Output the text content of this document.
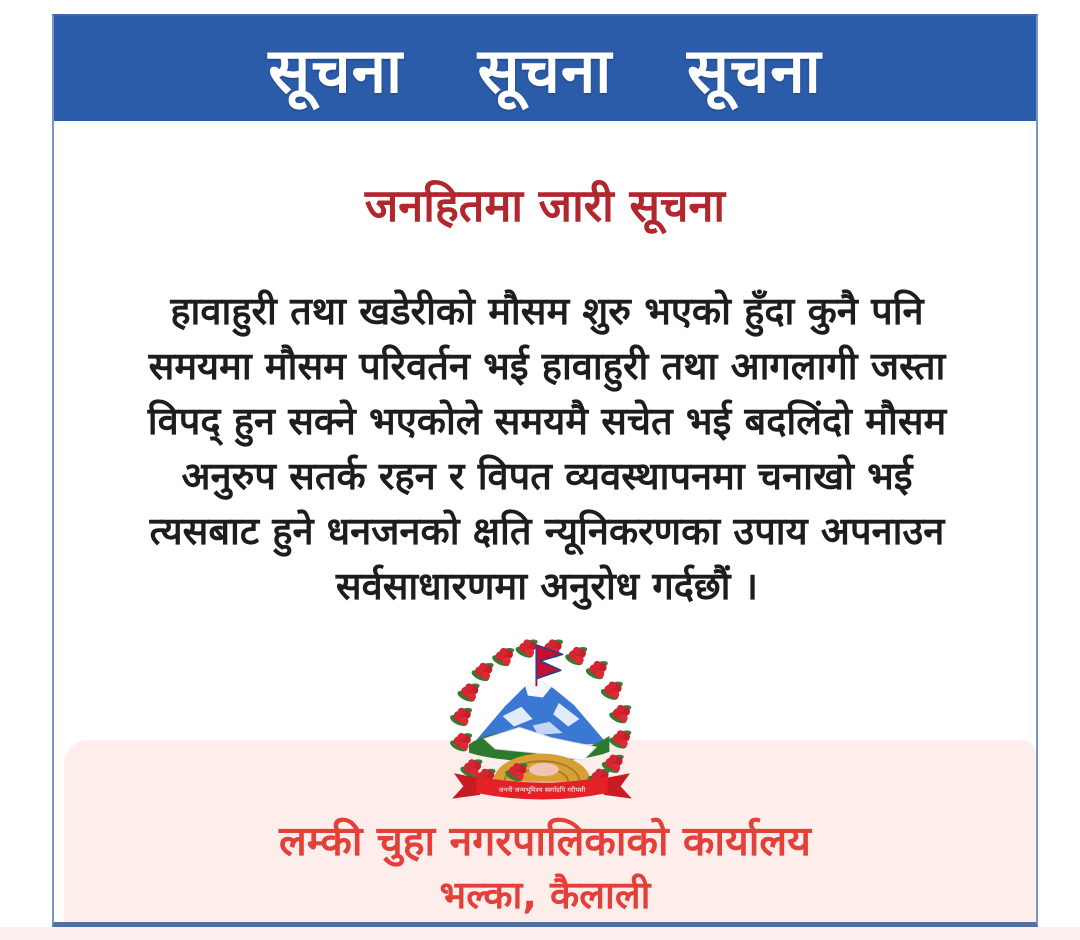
सूचना सूचना सूचना
जनहितमा जारी सूचना
हावाहुरी तथा खडेरीको मौसम शुरु भएको हुँदा कुनै पनि
समयमा मौसम परिवर्तन भई हावाहुरी तथा आगलागी जस्ता
विपद् हुन सक्ने भएकोले समयमै सचेत भई बदलिंदो मौसम
अनुरुप सतर्क रहन र विपत व्यवस्थापनमा चनाखो भई
त्यसबाट हुने धनजनको क्षति न्यूनिकरणका उपाय अपनाउन
सर्वसाधारणमा अनुरोध गर्दछौं ।
जननी जन्मभूमिश्च स्वर्गादपि गरीयसी
लम्की चुहा नगरपालिकाको कार्यालय
भल्का, कैलाली
